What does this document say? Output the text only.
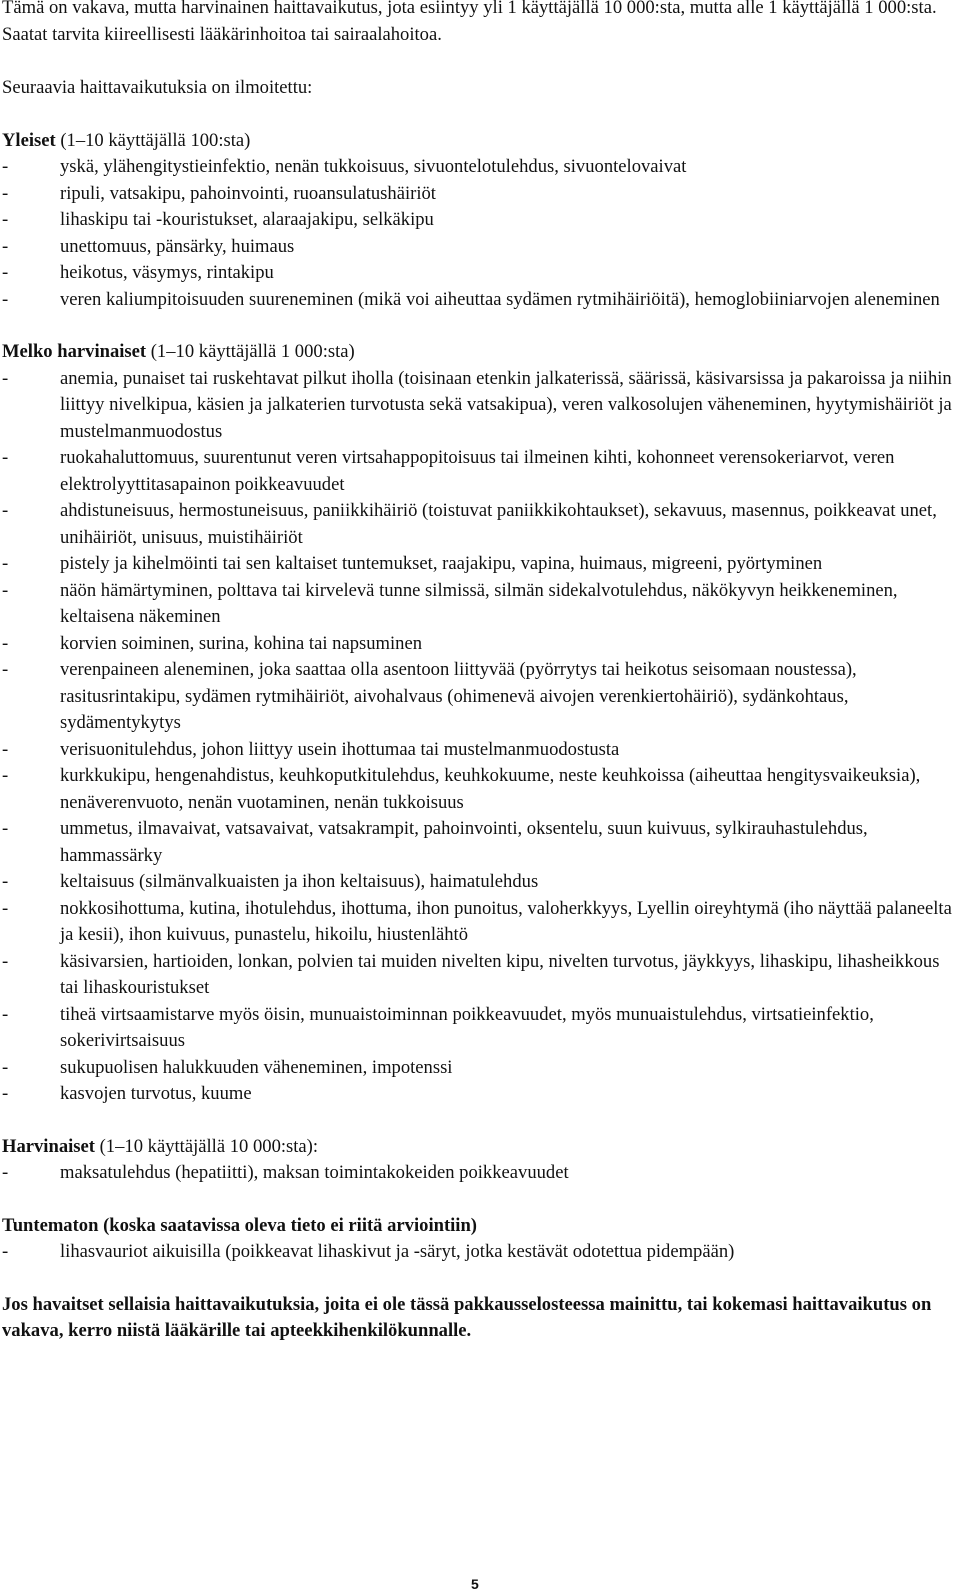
Tämä on vakava, mutta harvinainen haittavaikutus, jota esiintyy yli 1 käyttäjällä 10 000:sta, mutta alle 1 käyttäjällä 1 000:sta. Saatat tarvita kiireellisesti lääkärinhoitoa tai sairaalahoitoa.

Seuraavia haittavaikutuksia on ilmoitettu:

Yleiset (1–10 käyttäjällä 100:sta)

-	yskä, ylähengitystieinfektio, nenän tukkoisuus, sivuontelotulehdus, sivuontelovaivat
-	ripuli, vatsakipu, pahoinvointi, ruoansulatushäiriöt
-	lihaskipu tai -kouristukset, alaraajakipu, selkäkipu
-	unettomuus, pänsärky, huimaus
-	heikotus, väsymys, rintakipu
-	veren kaliumpitoisuuden suureneminen (mikä voi aiheuttaa sydämen rytmihäiriöitä), hemoglobiiniarvojen aleneminen

Melko harvinaiset (1–10 käyttäjällä 1 000:sta)

-	anemia, punaiset tai ruskehtavat pilkut iholla (toisinaan etenkin jalkaterissä, säärissä, käsivarsissa ja pakaroissa ja niihin liittyy nivelkipua, käsien ja jalkaterien turvotusta sekä vatsakipua), veren valkosolujen väheneminen, hyytymishäiriöt ja mustelmanmuodostus
-	ruokahaluttomuus, suurentunut veren virtsahappopitoisuus tai ilmeinen kihti, kohonneet verensokeriarvot, veren elektrolyyttitasapainon poikkeavuudet
-	ahdistuneisuus, hermostuneisuus, paniikkihäiriö (toistuvat paniikkikohtaukset), sekavuus, masennus, poikkeavat unet, unihäiriöt, unisuus, muistihäiriöt
-	pistely ja kihelmöinti tai sen kaltaiset tuntemukset, raajakipu, vapina, huimaus, migreeni, pyörtyminen
-	näön hämärtyminen, polttava tai kirvelevä tunne silmissä, silmän sidekalvotulehdus, näkökyvyn heikkeneminen, keltaisena näkeminen
-	korvien soiminen, surina, kohina tai napsuminen
-	verenpaineen aleneminen, joka saattaa olla asentoon liittyvää (pyörrytys tai heikotus seisomaan noustessa), rasitusrintakipu, sydämen rytmihäiriöt, aivohalvaus (ohimenevä aivojen verenkiertohäiriö), sydänkohtaus, sydämentykytys
-	verisuonitulehdus, johon liittyy usein ihottumaa tai mustelmanmuodostusta
-	kurkkukipu, hengenahdistus, keuhkoputkitulehdus, keuhkokuume, neste keuhkoissa (aiheuttaa hengitysvaikeuksia), nenäverenvuoto, nenän vuotaminen, nenän tukkoisuus
-	ummetus, ilmavaivat, vatsavaivat, vatsakrampit, pahoinvointi, oksentelu, suun kuivuus, sylkirauhastulehdus, hammassärky
-	keltaisuus (silmänvalkuaisten ja ihon keltaisuus), haimatulehdus
-	nokkosihottuma, kutina, ihotulehdus, ihottuma, ihon punoitus, valoherkkyys, Lyellin oireyhtymä (iho näyttää palaneelta ja kesii), ihon kuivuus, punastelu, hikoilu, hiustenlähtö
-	käsivarsien, hartioiden, lonkan, polvien tai muiden nivelten kipu, nivelten turvotus, jäykkyys, lihaskipu, lihasheikkous tai lihaskouristukset
-	tiheä virtsaamistarve myös öisin, munuaistoiminnan poikkeavuudet, myös munuaistulehdus, virtsatieinfektio, sokerivirtsaisuus
-	sukupuolisen halukkuuden väheneminen, impotenssi
-	kasvojen turvotus, kuume

Harvinaiset (1–10 käyttäjällä 10 000:sta):

-	maksatulehdus (hepatiitti), maksan toimintakokeiden poikkeavuudet

Tuntematon (koska saatavissa oleva tieto ei riitä arviointiin)

-	lihasvauriot aikuisilla (poikkeavat lihaskivut ja -säryt, jotka kestävät odotettua pidempään)

Jos havaitset sellaisia haittavaikutuksia, joita ei ole tässä pakkausselosteessa mainittu, tai kokemasi haittavaikutus on vakava, kerro niistä lääkärille tai apteekkihenkilökunnalle.

5
